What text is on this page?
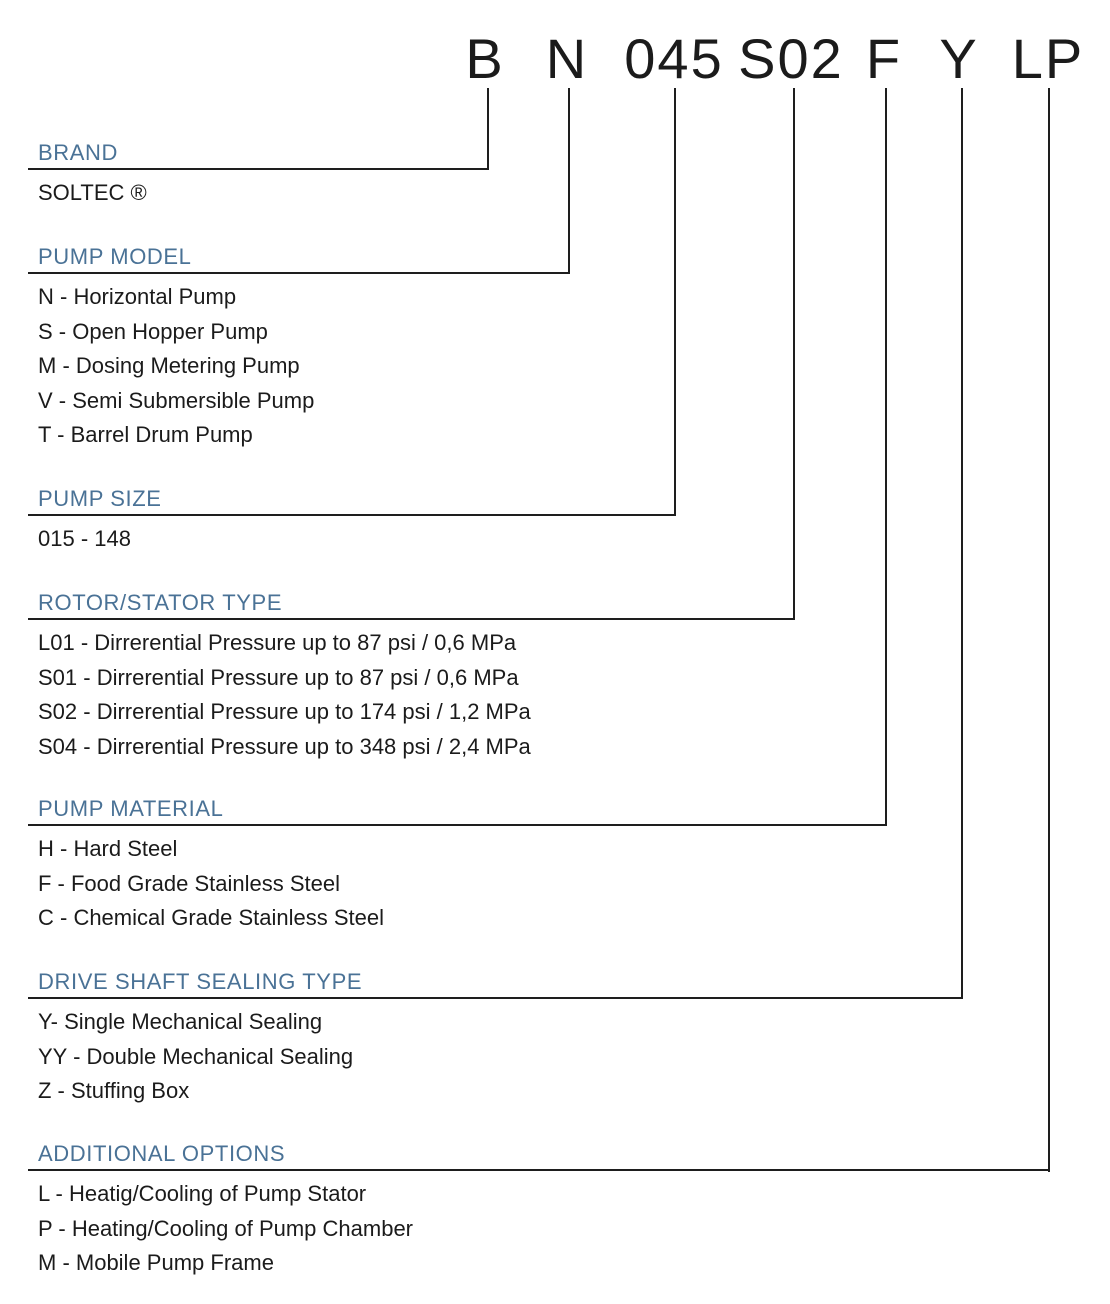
B N 045 S02 F Y LP
BRAND
SOLTEC ®
PUMP MODEL
N - Horizontal Pump
S - Open Hopper Pump
M - Dosing Metering Pump
V - Semi Submersible Pump
T - Barrel Drum Pump
PUMP SIZE
015 - 148
ROTOR/STATOR TYPE
L01 - Dirrerential Pressure up to 87 psi / 0,6 MPa
S01 - Dirrerential Pressure up to 87 psi / 0,6 MPa
S02 - Dirrerential Pressure up to 174 psi / 1,2 MPa
S04 - Dirrerential Pressure up to 348 psi / 2,4 MPa
PUMP MATERIAL
H - Hard Steel
F - Food Grade Stainless Steel
C - Chemical Grade Stainless Steel
DRIVE SHAFT SEALING TYPE
Y- Single Mechanical Sealing
YY - Double Mechanical Sealing
Z - Stuffing Box
ADDITIONAL OPTIONS
L - Heatig/Cooling of Pump Stator
P - Heating/Cooling of Pump Chamber
M - Mobile Pump Frame
